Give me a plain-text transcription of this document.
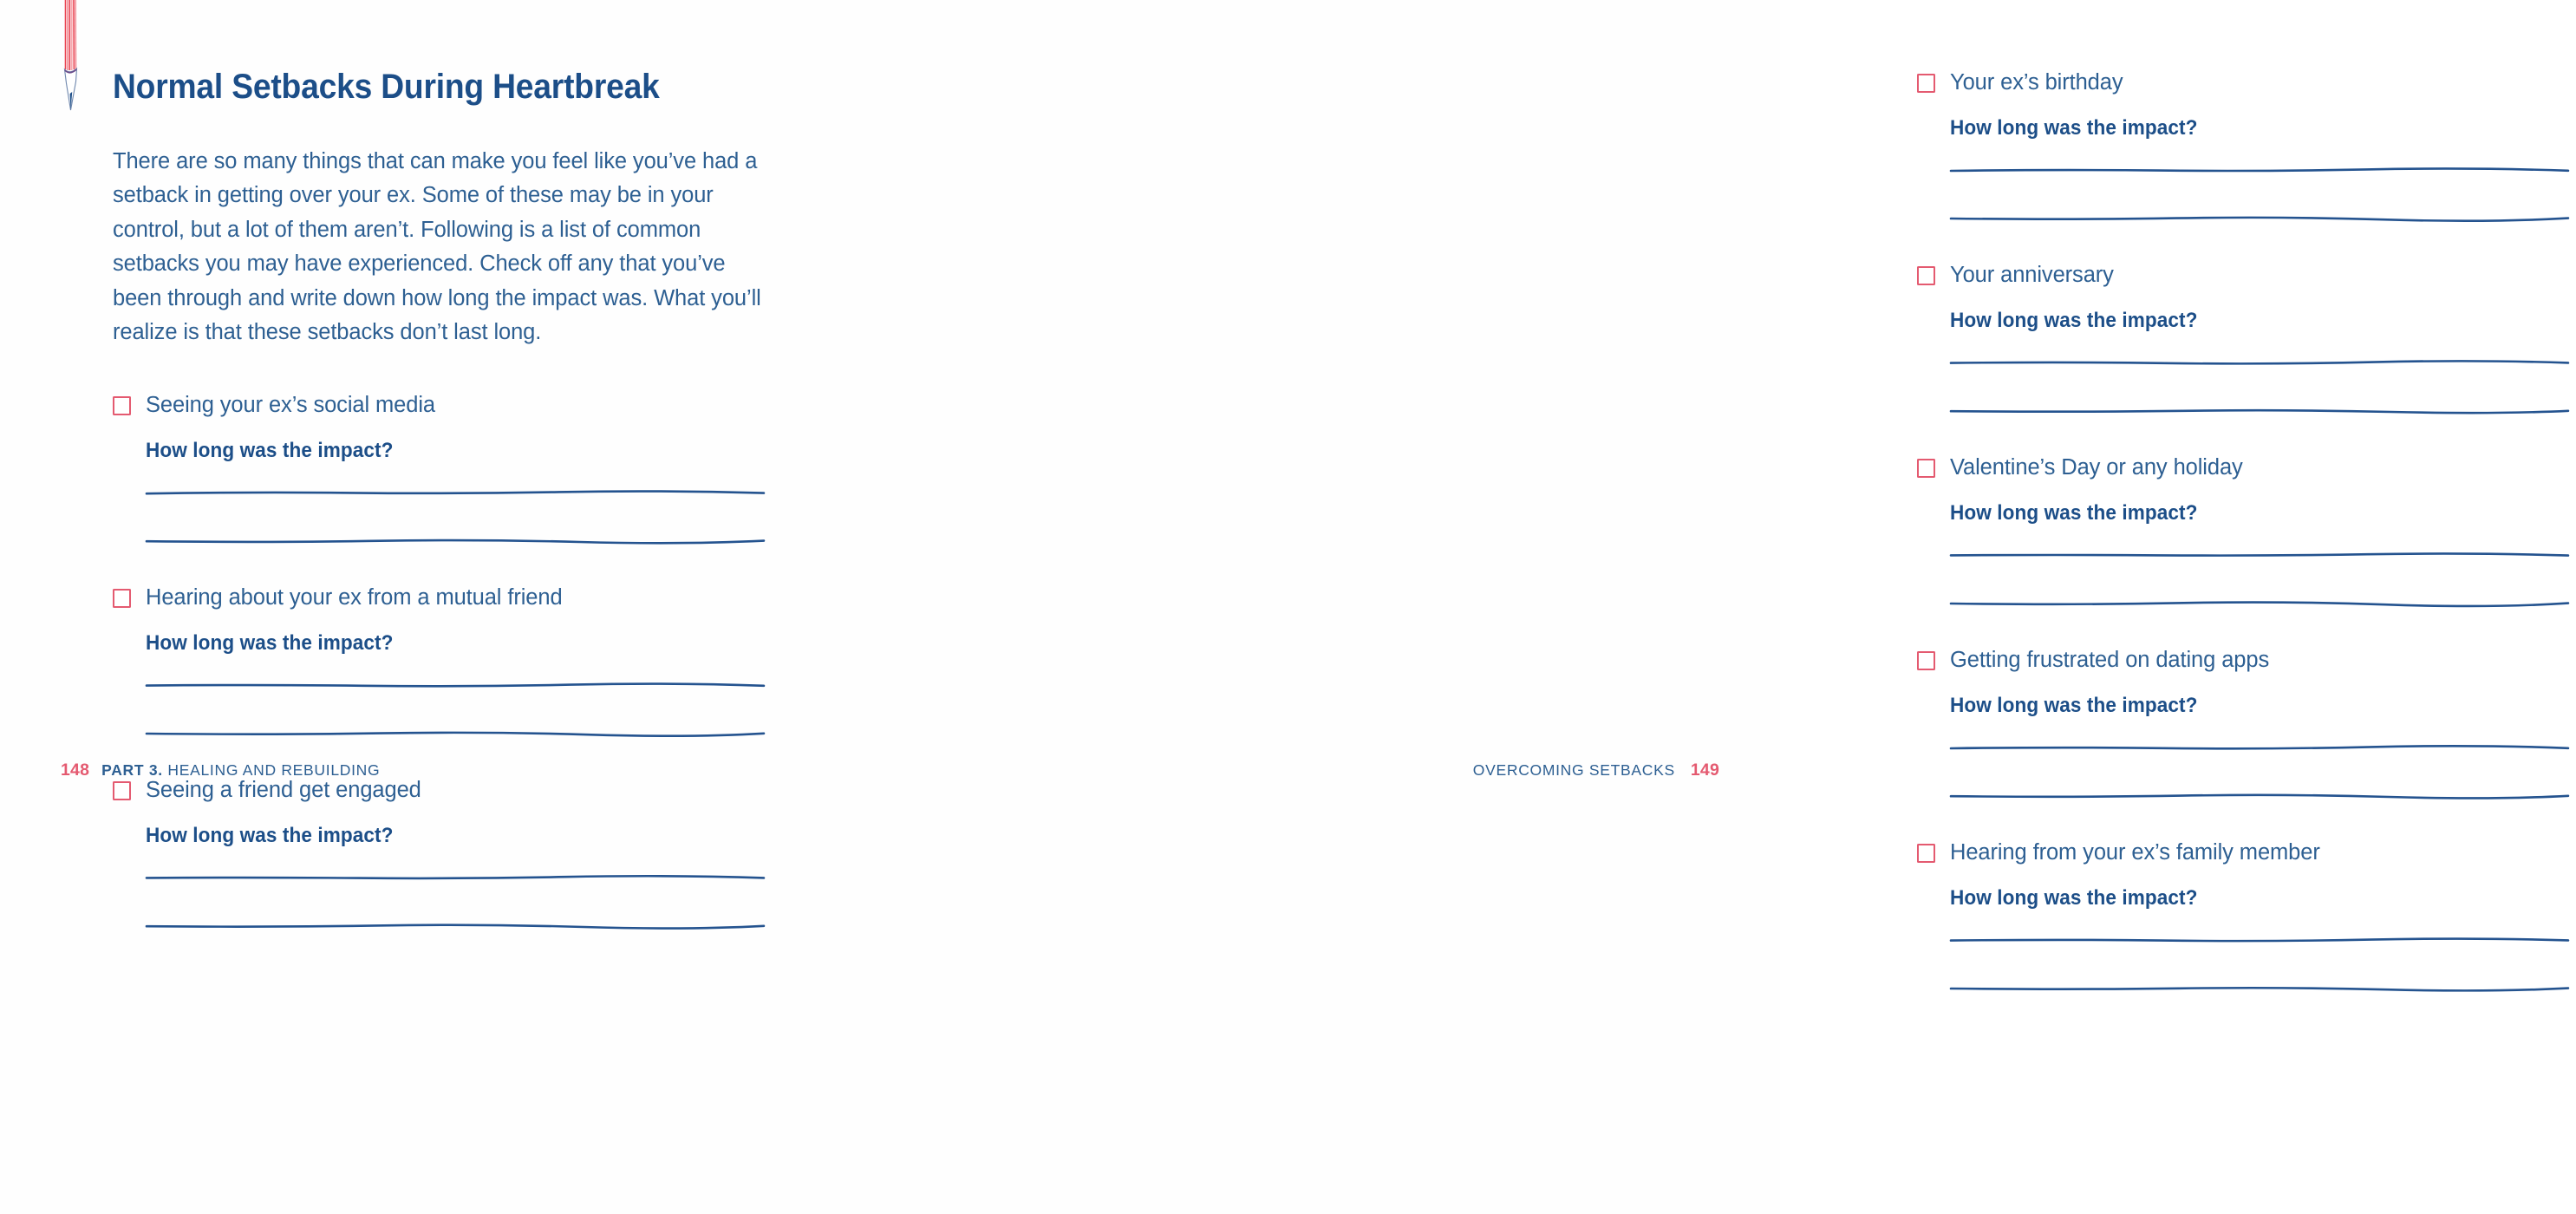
Normal Setbacks During Heartbreak

There are so many things that can make you feel like you’ve had a setback in getting over your ex. Some of these may be in your control, but a lot of them aren’t. Following is a list of common setbacks you may have experienced. Check off any that you’ve been through and write down how long the impact was. What you’ll realize is that these setbacks don’t last long.

Seeing your ex’s social media
How long was the impact?
Hearing about your ex from a mutual friend
How long was the impact?
Seeing a friend get engaged
How long was the impact?
148 PART 3. HEALING AND REBUILDING
Your ex’s birthday
How long was the impact?
Your anniversary
How long was the impact?
Valentine’s Day or any holiday
How long was the impact?
Getting frustrated on dating apps
How long was the impact?
Hearing from your ex’s family member
How long was the impact?
OVERCOMING SETBACKS 149
